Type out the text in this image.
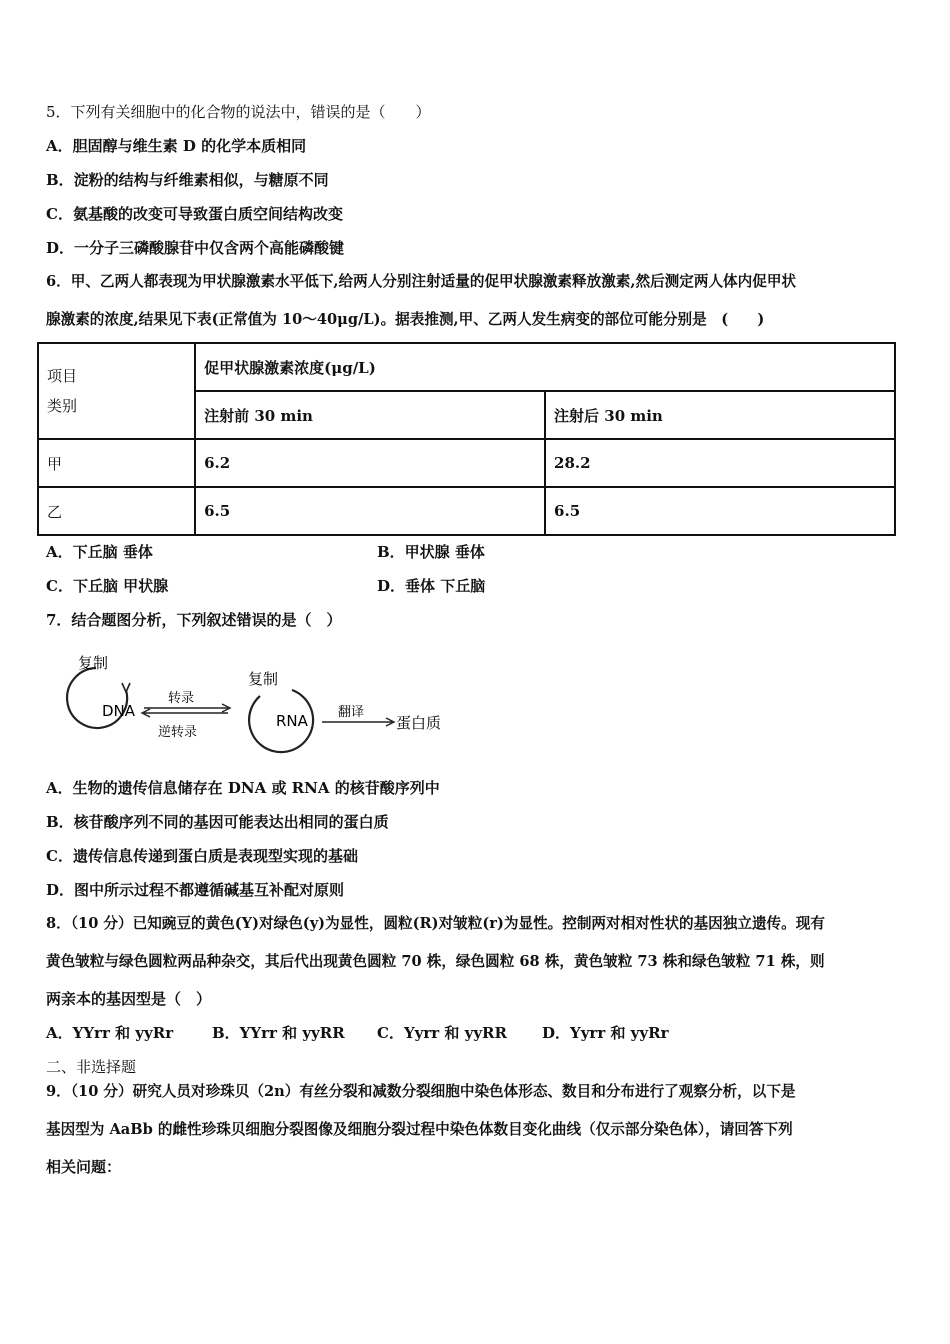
5．下列有关细胞中的化合物的说法中，错误的是（　　）
A．胆固醇与维生素 D 的化学本质相同
B．淀粉的结构与纤维素相似，与糖原不同
C．氨基酸的改变可导致蛋白质空间结构改变
D．一分子三磷酸腺苷中仅含两个高能磷酸键
6．甲、乙两人都表现为甲状腺激素水平低下,给两人分别注射适量的促甲状腺激素释放激素,然后测定两人体内促甲状
腺激素的浓度,结果见下表(正常值为 10～40μg/L)。据表推测,甲、乙两人发生病变的部位可能分别是　(　　)
项目
类别	促甲状腺激素浓度(μg/L)	
	注射前 30 min	注射后 30 min
甲	6.2	28.2
乙	6.5	6.5
A．下丘脑 垂体	B．甲状腺 垂体
C．下丘脑 甲状腺	D．垂体 下丘脑
7．结合题图分析，下列叙述错误的是（　）
复制
DNA
转录
逆转录
复制
RNA 翻译
蛋白质
A．生物的遗传信息储存在 DNA 或 RNA 的核苷酸序列中
B．核苷酸序列不同的基因可能表达出相同的蛋白质
C．遗传信息传递到蛋白质是表现型实现的基础
D．图中所示过程不都遵循碱基互补配对原则
8．（10 分）已知豌豆的黄色(Y)对绿色(y)为显性，圆粒(R)对皱粒(r)为显性。控制两对相对性状的基因独立遗传。现有
黄色皱粒与绿色圆粒两品种杂交，其后代出现黄色圆粒 70 株，绿色圆粒 68 株，黄色皱粒 73 株和绿色皱粒 71 株，则
两亲本的基因型是（　）
A．YYrr 和 yyRr	B．YYrr 和 yyRR C．Yyrr 和 yyRR D．Yyrr 和 yyRr
二、非选择题
9．（10 分）研究人员对珍珠贝（2n）有丝分裂和减数分裂细胞中染色体形态、数目和分布进行了观察分析，以下是
基因型为 AaBb 的雌性珍珠贝细胞分裂图像及细胞分裂过程中染色体数目变化曲线（仅示部分染色体），请回答下列
相关问题：
